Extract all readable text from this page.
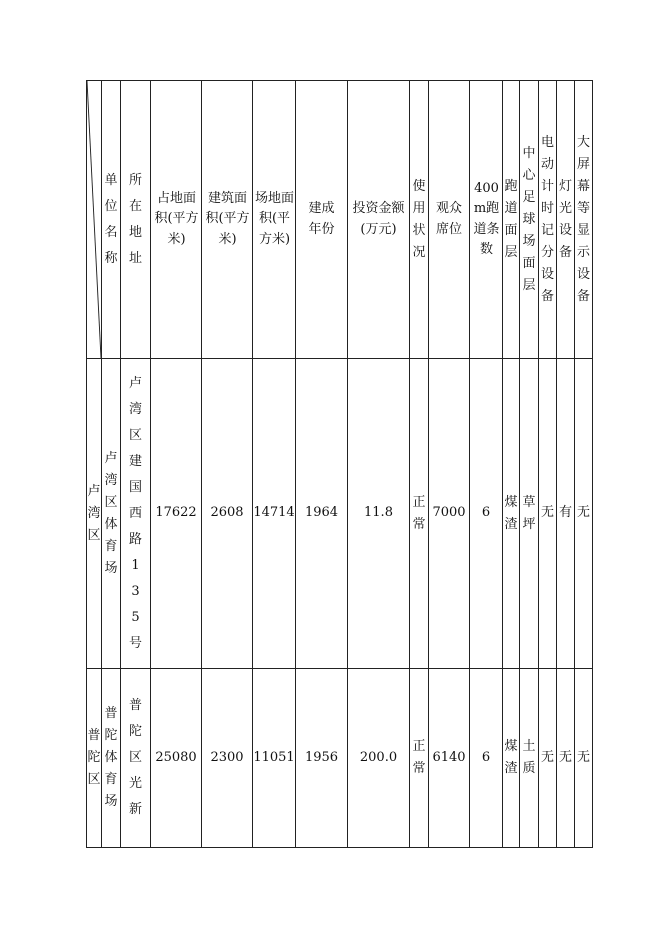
	单位名称	所在地址	占地面积(平方米)	建筑面积(平方米)	场地面积(平方米)	建成年份	投资金额(万元)	使用状况	观众席位	400m跑道条数	跑道面层	中心足球场面层	电动计时记分设备	灯光设备	大屏幕等显示设备
卢湾区	卢湾区体育场	卢湾区建国西路135号	17622	2608	14714	1964	11.8	正常	7000	6	煤渣	草坪	无	有	无
普陀区	普陀体育场	普陀区光新	25080	2300	11051	1956	200.0	正常	6140	6	煤渣	土质	无	无	无
